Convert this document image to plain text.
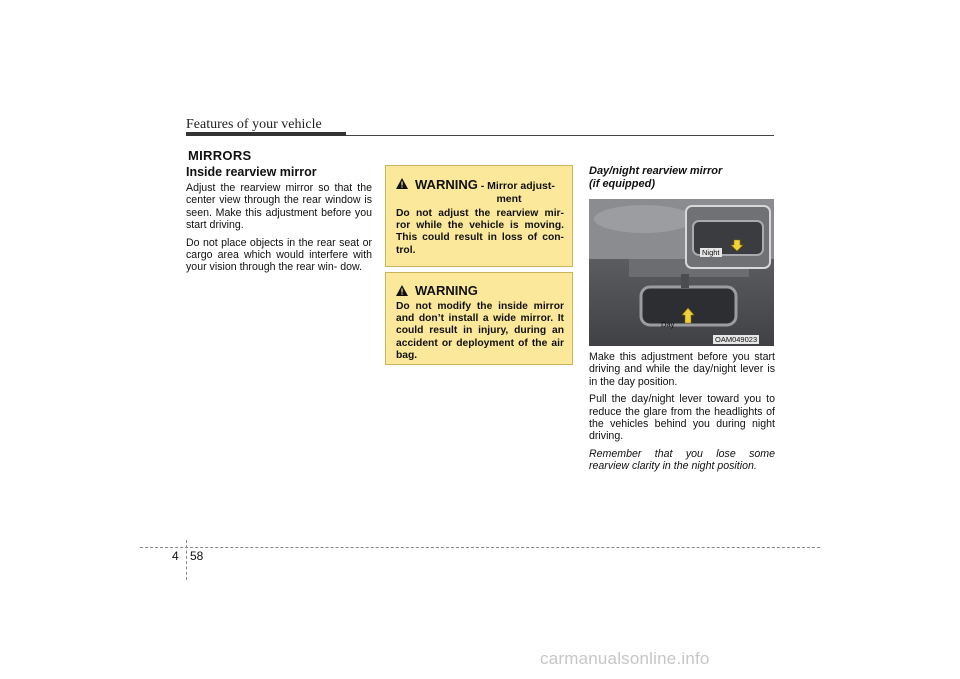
Features of your vehicle
MIRRORS
Inside rearview mirror

Adjust the rearview mirror so that the center view through the rear window is seen. Make this adjustment before you start driving.

Do not place objects in the rear seat or cargo area which would interfere with your vision through the rear win- dow.

WARNING - Mirror adjust-
ment
Do not adjust the rearview mir- ror while the vehicle is moving. This could result in loss of con- trol.
WARNING
Do not modify the inside mirror and don’t install a wide mirror. It could result in injury, during an accident or deployment of the air bag.

Day/night rearview mirror

(if equipped)

Night
Day
OAM049023

Make this adjustment before you start driving and while the day/night lever is in the day position.

Pull the day/night lever toward you to reduce the glare from the headlights of the vehicles behind you during night driving.

Remember that you lose some rearview clarity in the night position.

4 58
carmanualsonline.info
